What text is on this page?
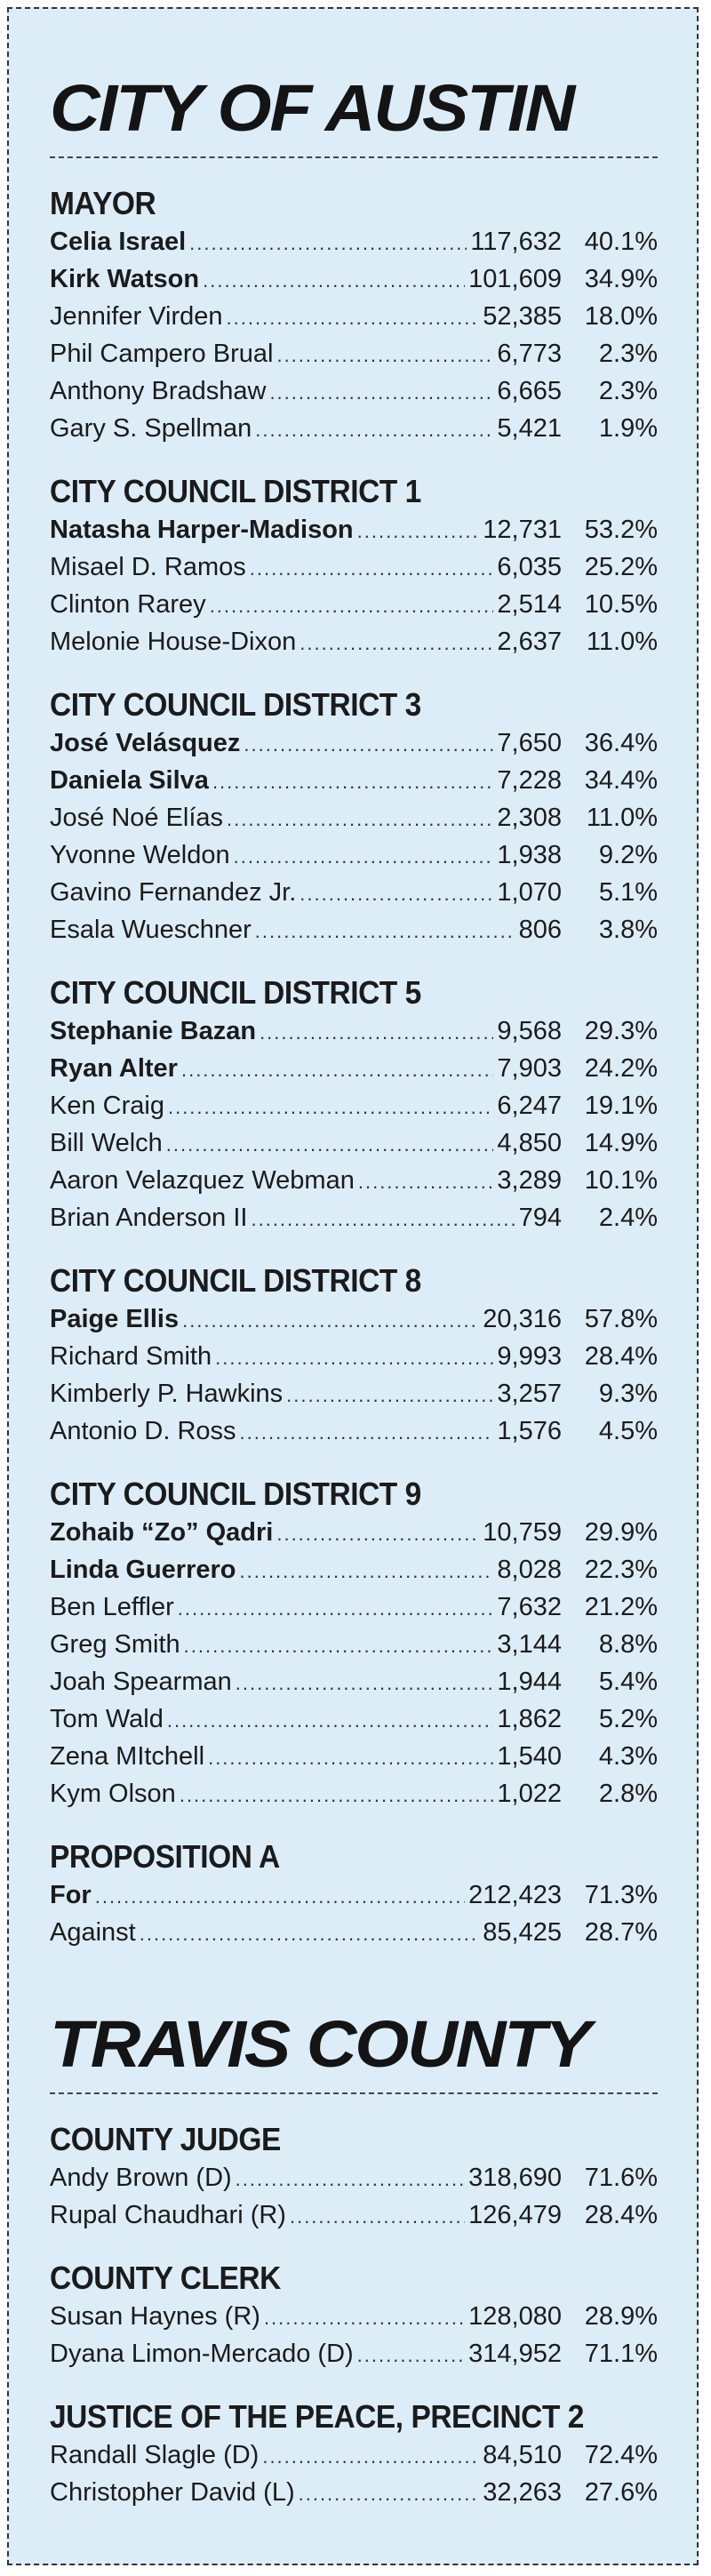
CITY OF AUSTIN
MAYOR
Celia Israel .....	117,632 40.1%
Kirk Watson .....	101,609 34.9%
Jennifer Virden .....	52,385 18.0%
Phil Campero Brual .....	6,773	2.3%
Anthony Bradshaw .....	6,665	2.3%
Gary S. Spellman .....	5,421	1.9%
CITY COUNCIL DISTRICT 1
Natasha Harper-Madison .....	12,731 53.2%
Misael D. Ramos .....	6,035 25.2%
Clinton Rarey .....	2,514 10.5%
Melonie House-Dixon .....	2,637 11.0%
CITY COUNCIL DISTRICT 3
José Velásquez .....	7,650 36.4%
Daniela Silva .....	7,228 34.4%
José Noé Elías .....	2,308 11.0%
Yvonne Weldon .....	1,938	9.2%
Gavino Fernandez Jr. .....	1,070	5.1%
Esala Wueschner .....	806	3.8%
CITY COUNCIL DISTRICT 5
Stephanie Bazan .....	9,568 29.3%
Ryan Alter .....	7,903 24.2%
Ken Craig .....	6,247 19.1%
Bill Welch .....	4,850 14.9%
Aaron Velazquez Webman .....	3,289 10.1%
Brian Anderson II .....	794	2.4%
CITY COUNCIL DISTRICT 8
Paige Ellis .....	20,316 57.8%
Richard Smith .....	9,993 28.4%
Kimberly P. Hawkins .....	3,257	9.3%
Antonio D. Ross .....	1,576	4.5%
CITY COUNCIL DISTRICT 9
Zohaib “Zo” Qadri .....	10,759 29.9%
Linda Guerrero .....	8,028 22.3%
Ben Leffler .....	7,632 21.2%
Greg Smith .....	3,144	8.8%
Joah Spearman .....	1,944	5.4%
Tom Wald .....	1,862	5.2%
Zena MItchell .....	1,540	4.3%
Kym Olson .....	1,022	2.8%
PROPOSITION A
For .....	212,423 71.3%
Against .....	85,425 28.7%
TRAVIS COUNTY
COUNTY JUDGE
Andy Brown (D) .....	318,690 71.6%
Rupal Chaudhari (R) .....	126,479 28.4%
COUNTY CLERK
Susan Haynes (R) .....	128,080 28.9%
Dyana Limon-Mercado (D) .....	314,952 71.1%
JUSTICE OF THE PEACE, PRECINCT 2
Randall Slagle (D) .....	84,510 72.4%
Christopher David (L) .....	32,263 27.6%
